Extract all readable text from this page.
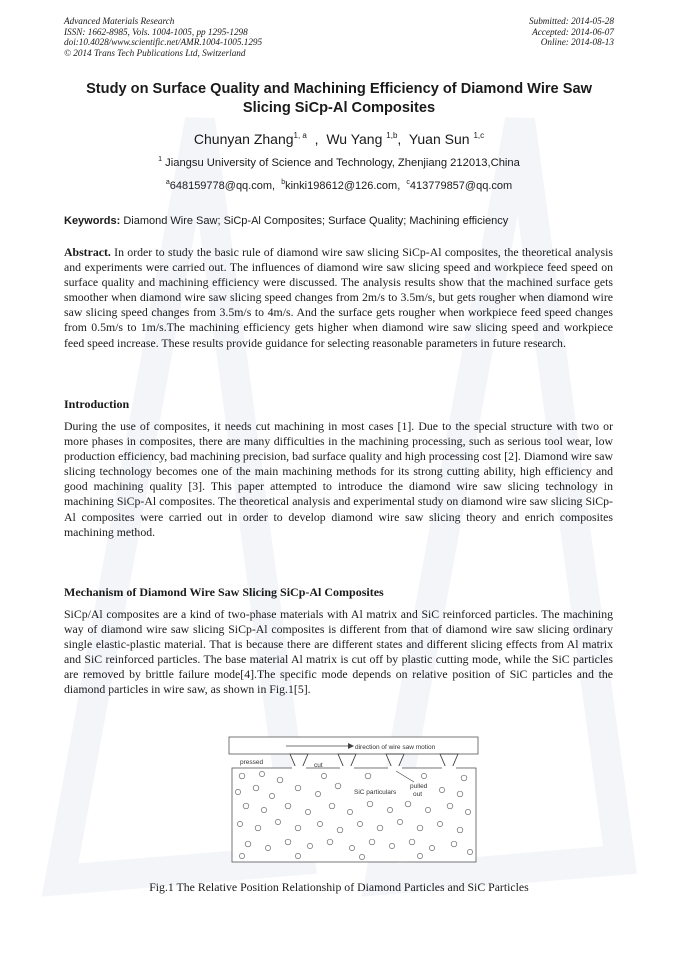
Advanced Materials Research
ISSN: 1662-8985, Vols. 1004-1005, pp 1295-1298
doi:10.4028/www.scientific.net/AMR.1004-1005.1295
© 2014 Trans Tech Publications Ltd, Switzerland
Submitted: 2014-05-28
Accepted: 2014-06-07
Online: 2014-08-13
Study on Surface Quality and Machining Efficiency of Diamond Wire Saw
Slicing SiCp-Al Composites
Chunyan Zhang$^{1, a}$  ,  Wu Yang $^{1,b}$,  Yuan Sun $^{1,c}$
$^1$ Jiangsu University of Science and Technology, Zhenjiang 212013,China
$^a$648159778@qq.com,  $^b$kinki198612@126.com,  $^c$413779857@qq.com
Keywords: Diamond Wire Saw; SiCp-Al Composites; Surface Quality; Machining efficiency
Abstract. In order to study the basic rule of diamond wire saw slicing SiCp-Al composites, the theoretical analysis and experiments were carried out. The influences of diamond wire saw slicing speed and workpiece feed speed on surface quality and machining efficiency were discussed. The analysis results show that the machined surface gets smoother when diamond wire saw slicing speed changes from 2m/s to 3.5m/s, but gets rougher when diamond wire saw slicing speed changes from 3.5m/s to 4m/s. And the surface gets rougher when workpiece feed speed changes from 0.5m/s to 1m/s.The machining efficiency gets higher when diamond wire saw slicing speed and workpiece feed speed increase. These results provide guidance for selecting reasonable parameters in future research.
Introduction
During the use of composites, it needs cut machining in most cases [1]. Due to the special structure with two or more phases in composites, there are many difficulties in the machining processing, such as serious tool wear, low production efficiency, bad machining precision, bad surface quality and high processing cost [2]. Diamond wire saw slicing technology becomes one of the main machining methods for its strong cutting ability, high efficiency and good machining quality [3]. This paper attempted to introduce the diamond wire saw slicing technology in machining SiCp-Al composites. The theoretical analysis and experimental study on diamond wire saw slicing SiCp-Al composites were carried out in order to develop diamond wire saw slicing theory and enrich composites machining method.
Mechanism of Diamond Wire Saw Slicing SiCp-Al Composites
SiCp/Al composites are a kind of two-phase materials with Al matrix and SiC reinforced particles. The machining way of diamond wire saw slicing SiCp-Al composites is different from that of diamond wire saw slicing ordinary single elastic-plastic material. That is because there are different states and different slicing effects from Al matrix and SiC reinforced particles. The base material Al matrix is cut off by plastic cutting mode, while the SiC particles are removed by brittle failure mode[4].The specific mode depends on relative position of SiC particles and the diamond particles in wire saw, as shown in Fig.1[5].
direction of wire saw motion
pressed	cut
SiC particulars
pulled
out
Fig.1 The Relative Position Relationship of Diamond Particles and SiC Particles
